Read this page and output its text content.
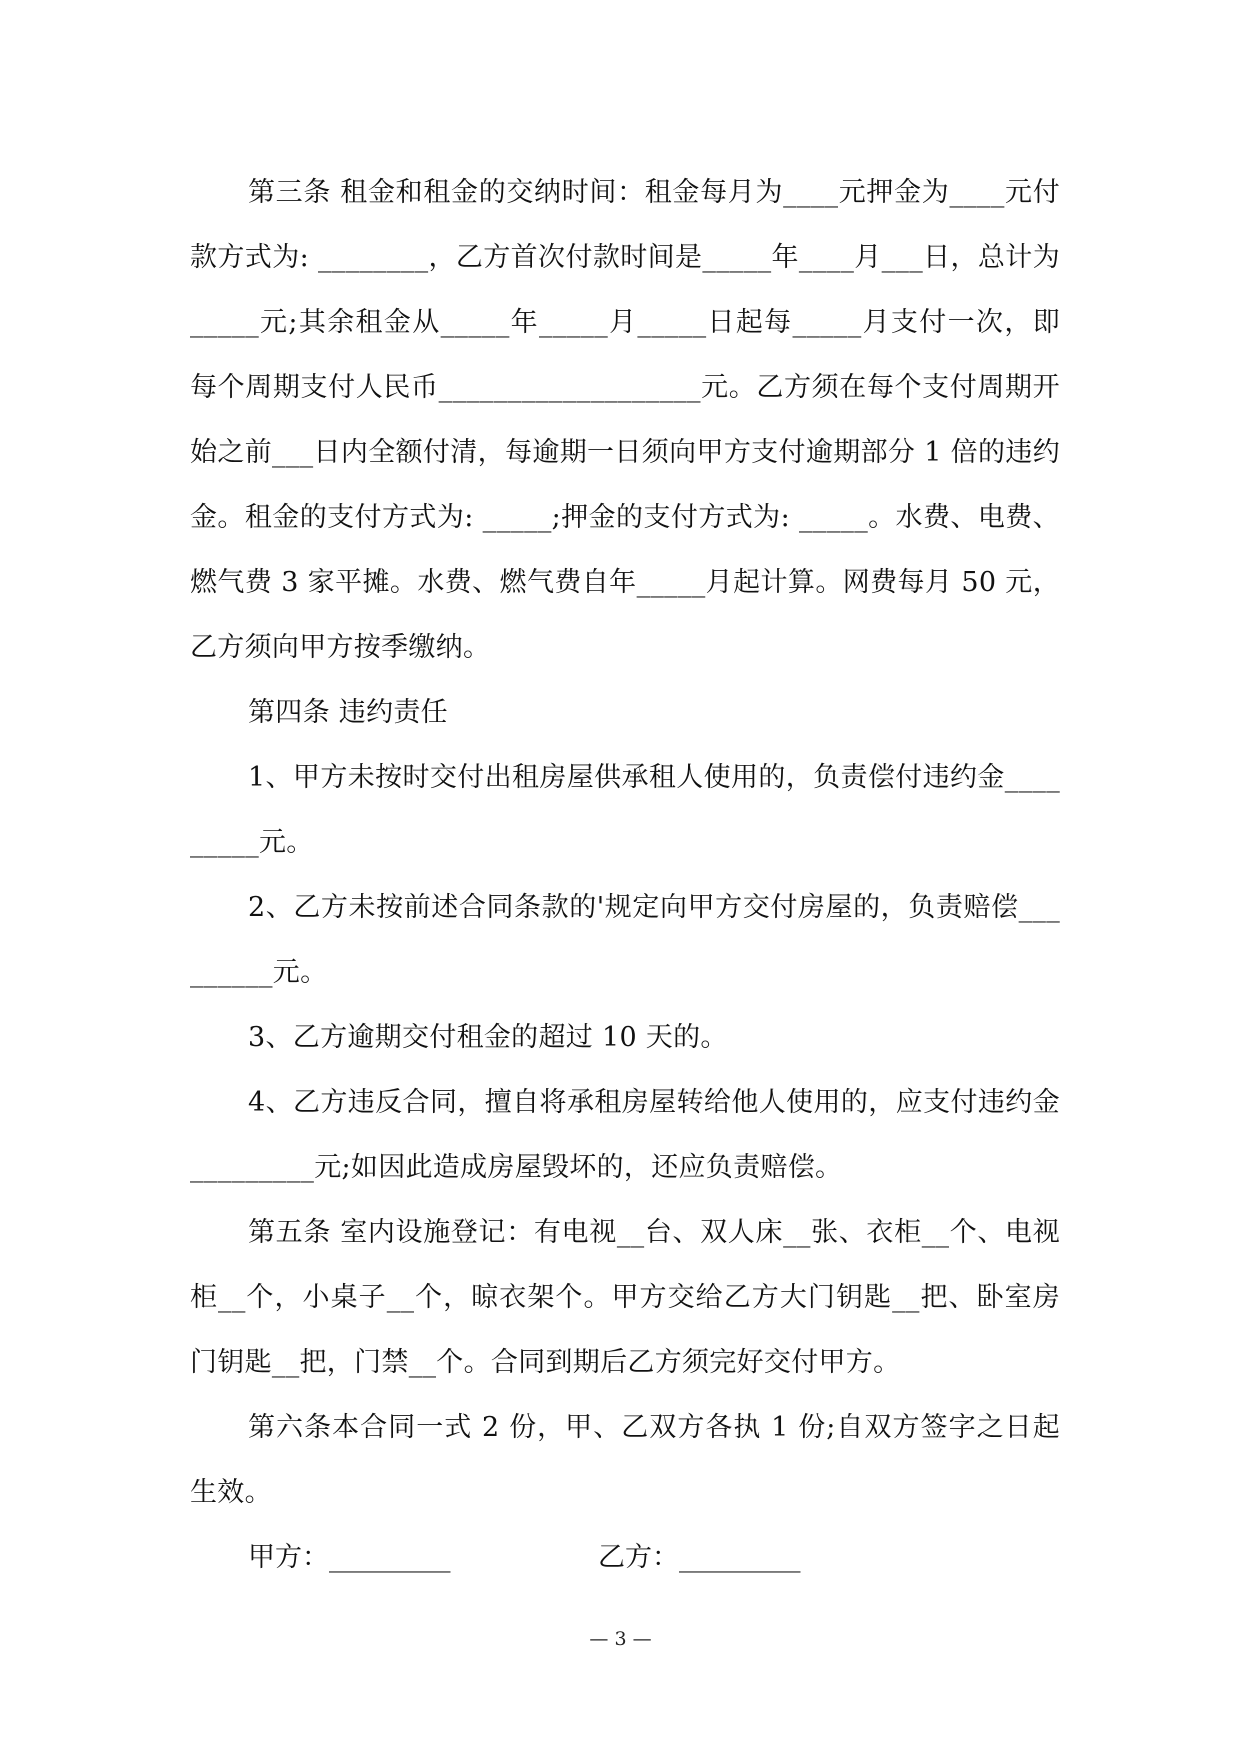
第三条 租金和租金的交纳时间：租金每月为____元押金为____元付款方式为: ________，乙方首次付款时间是_____年____月___日，总计为_____元;其余租金从_____年_____月_____日起每_____月支付一次，即每个周期支付人民币___________________元。乙方须在每个支付周期开始之前___日内全额付清，每逾期一日须向甲方支付逾期部分 1 倍的违约金。租金的支付方式为: _____;押金的支付方式为: _____。水费、电费、燃气费 3 家平摊。水费、燃气费自年_____月起计算。网费每月 50 元，乙方须向甲方按季缴纳。

第四条 违约责任

1、甲方未按时交付出租房屋供承租人使用的，负责偿付违约金_________元。

2、乙方未按前述合同条款的'规定向甲方交付房屋的，负责赔偿_________元。

3、乙方逾期交付租金的超过 10 天的。

4、乙方违反合同，擅自将承租房屋转给他人使用的，应支付违约金_________元;如因此造成房屋毁坏的，还应负责赔偿。

第五条 室内设施登记：有电视__台、双人床__张、衣柜__个、电视柜__个，小桌子__个，晾衣架个。甲方交给乙方大门钥匙__把、卧室房门钥匙__把，门禁__个。合同到期后乙方须完好交付甲方。

第六条本合同一式 2 份，甲、乙双方各执 1 份;自双方签字之日起生效。

甲方：_________	乙方：_________
— 3 —
